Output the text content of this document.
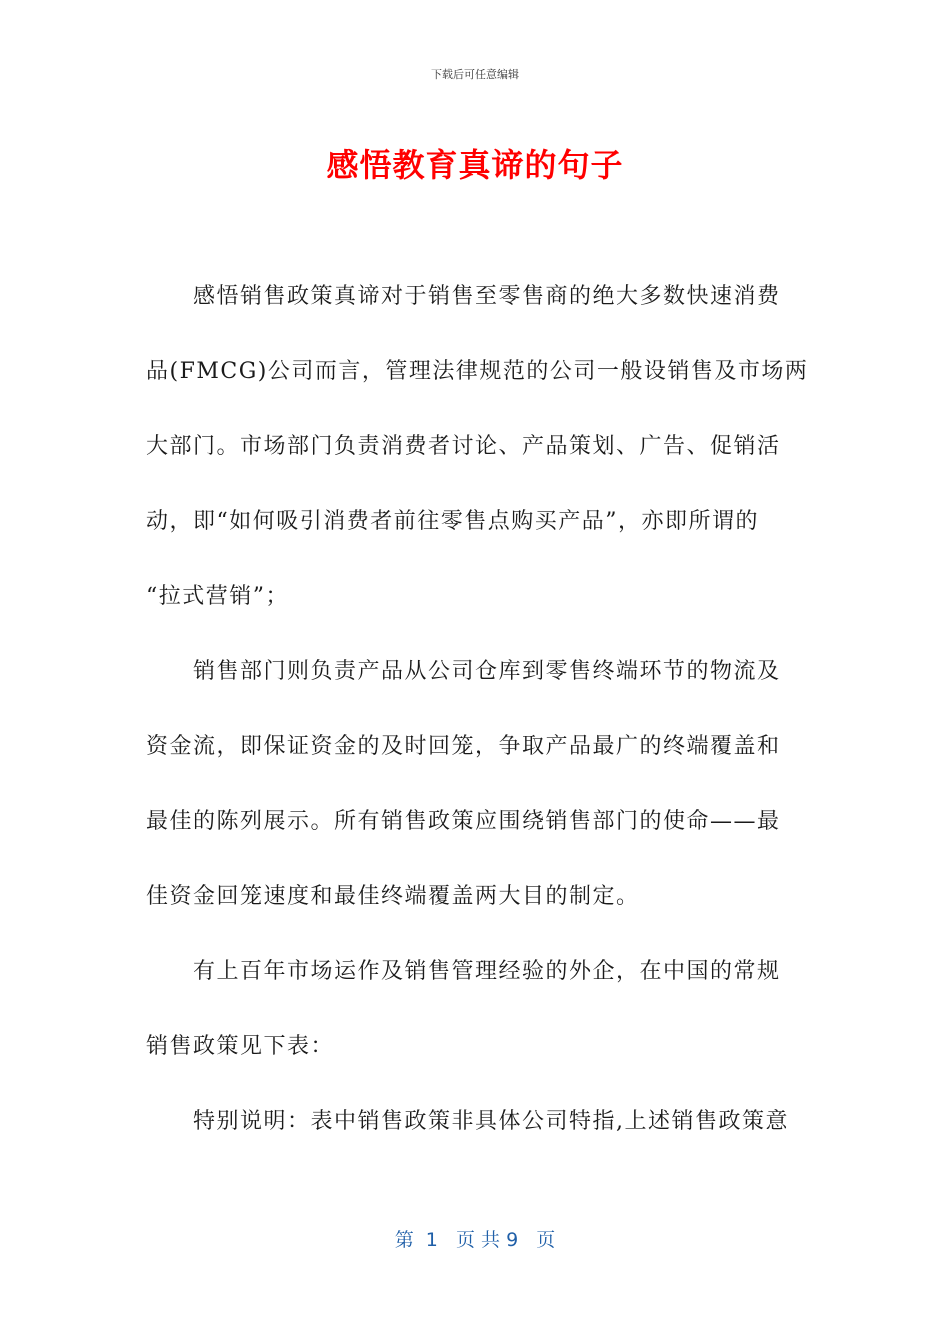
下载后可任意编辑
感悟教育真谛的句子
感悟销售政策真谛对于销售至零售商的绝大多数快速消费
品(FMCG)公司而言，管理法律规范的公司一般设销售及市场两
大部门。市场部门负责消费者讨论、产品策划、广告、促销活
动，即“如何吸引消费者前往零售点购买产品”，亦即所谓的
“拉式营销”；
销售部门则负责产品从公司仓库到零售终端环节的物流及
资金流，即保证资金的及时回笼，争取产品最广的终端覆盖和
最佳的陈列展示。所有销售政策应围绕销售部门的使命——最
佳资金回笼速度和最佳终端覆盖两大目的制定。
有上百年市场运作及销售管理经验的外企，在中国的常规
销售政策见下表：
特别说明：表中销售政策非具体公司特指,上述销售政策意
第  1   页 共 9   页
